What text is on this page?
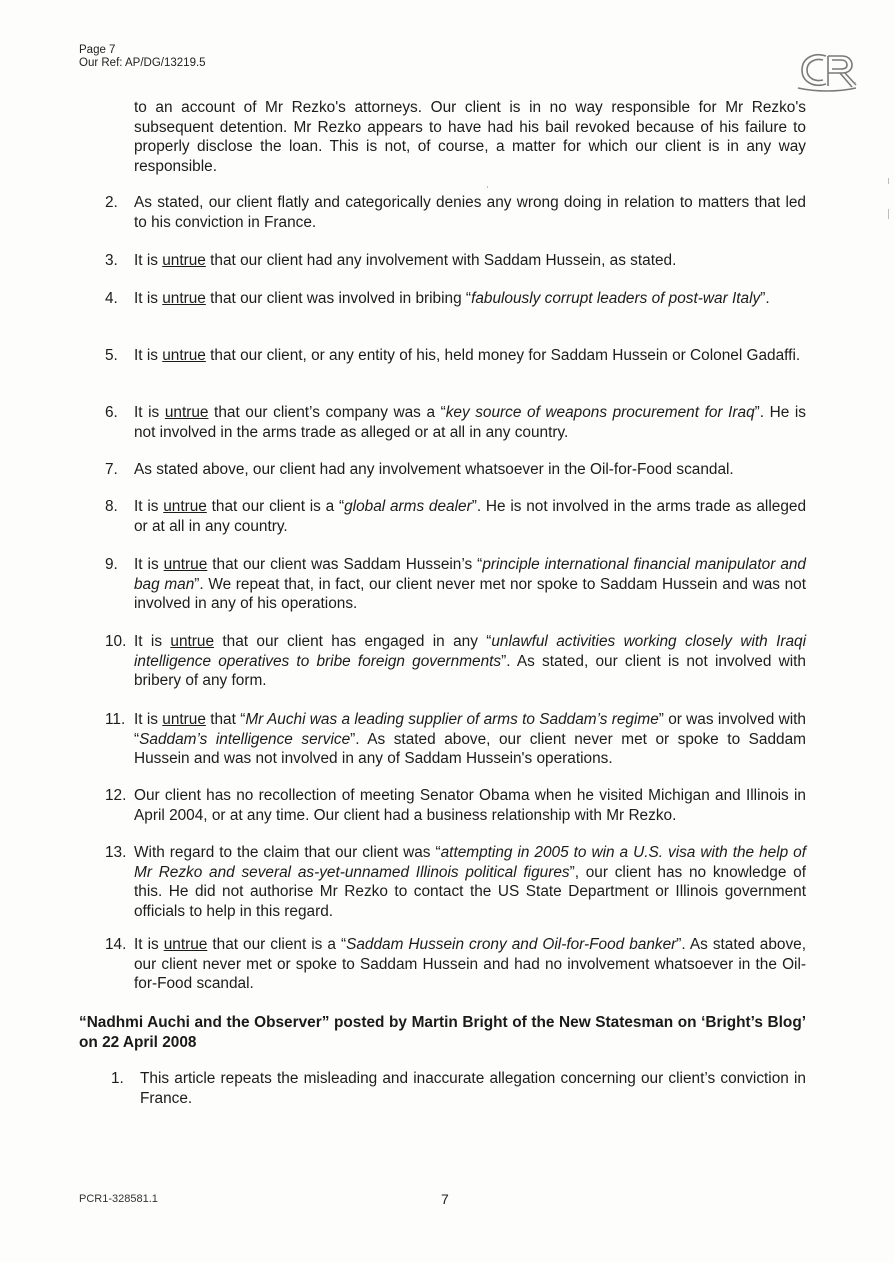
Page 7
Our Ref: AP/DG/13219.5
to an account of Mr Rezko's attorneys. Our client is in no way responsible for Mr Rezko's subsequent detention. Mr Rezko appears to have had his bail revoked because of his failure to properly disclose the loan. This is not, of course, a matter for which our client is in any way responsible.
2.	As stated, our client flatly and categorically denies any wrong doing in relation to matters that led to his conviction in France.
3.	It is untrue that our client had any involvement with Saddam Hussein, as stated.
4.	It is untrue that our client was involved in bribing “fabulously corrupt leaders of post-war Italy”.
5.	It is untrue that our client, or any entity of his, held money for Saddam Hussein or Colonel Gadaffi.
6.	It is untrue that our client’s company was a “key source of weapons procurement for Iraq”. He is not involved in the arms trade as alleged or at all in any country.
7.	As stated above, our client had any involvement whatsoever in the Oil-for-Food scandal.
8.	It is untrue that our client is a “global arms dealer”. He is not involved in the arms trade as alleged or at all in any country.
9.	It is untrue that our client was Saddam Hussein’s “principle international financial manipulator and bag man”. We repeat that, in fact, our client never met nor spoke to Saddam Hussein and was not involved in any of his operations.
10. It is untrue that our client has engaged in any “unlawful activities working closely with Iraqi intelligence operatives to bribe foreign governments”. As stated, our client is not involved with bribery of any form.
11. It is untrue that “Mr Auchi was a leading supplier of arms to Saddam’s regime” or was involved with “Saddam’s intelligence service”. As stated above, our client never met or spoke to Saddam Hussein and was not involved in any of Saddam Hussein's operations.
12. Our client has no recollection of meeting Senator Obama when he visited Michigan and Illinois in April 2004, or at any time. Our client had a business relationship with Mr Rezko.
13. With regard to the claim that our client was “attempting in 2005 to win a U.S. visa with the help of Mr Rezko and several as-yet-unnamed Illinois political figures”, our client has no knowledge of this. He did not authorise Mr Rezko to contact the US State Department or Illinois government officials to help in this regard.
14. It is untrue that our client is a “Saddam Hussein crony and Oil-for-Food banker”. As stated above, our client never met or spoke to Saddam Hussein and had no involvement whatsoever in the Oil-for-Food scandal.
“Nadhmi Auchi and the Observer” posted by Martin Bright of the New Statesman on ‘Bright’s Blog’ on 22 April 2008
1.	This article repeats the misleading and inaccurate allegation concerning our client’s conviction in France.
PCR1-328581.1	7
